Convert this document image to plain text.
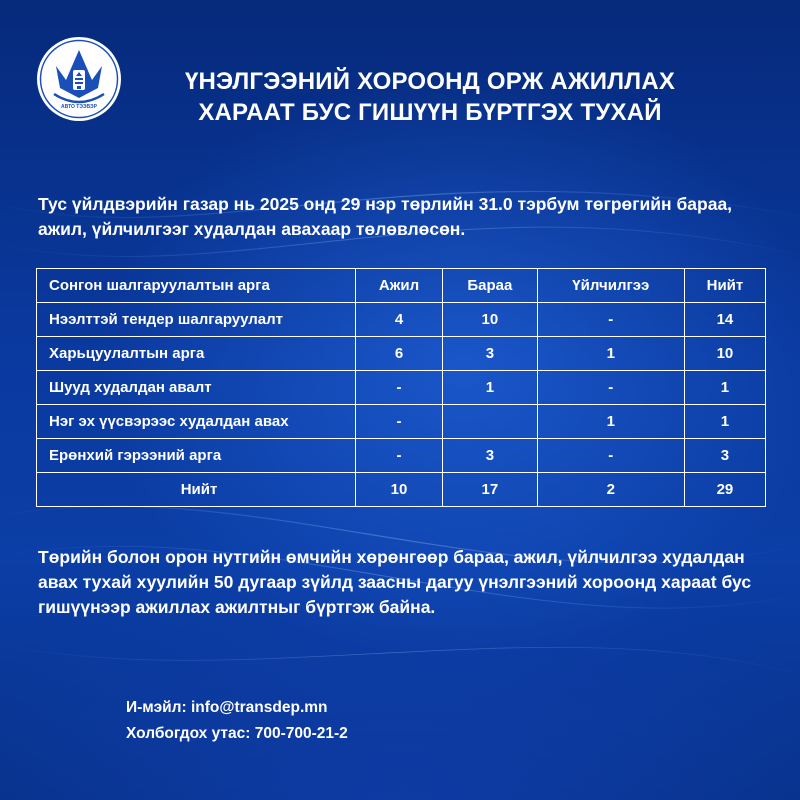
АВТО ТЭЭВЭР
ҮНЭЛГЭЭНИЙ ХОРООНД ОРЖ АЖИЛЛАХ
ХАРААТ БУС ГИШҮҮН БҮРТГЭХ ТУХАЙ
Тус үйлдвэрийн газар нь 2025 онд 29 нэр төрлийн 31.0 тэрбум төгрөгийн бараа, ажил, үйлчилгээг худалдан авахаар төлөвлөсөн.
Сонгон шалгаруулалтын арга	Ажил	Бараа	Үйлчилгээ	Нийт
Нээлттэй тендер шалгаруулалт	4	10	-	14
Харьцуулалтын арга	6	3	1	10
Шууд худалдан авалт	-	1	-	1
Нэг эх үүсвэрээс худалдан авах	-		1	1
Ерөнхий гэрээний арга	-	3	-	3
Нийт	10	17	2	29
Төрийн болон орон нутгийн өмчийн хөрөнгөөр бараа, ажил, үйлчилгээ худалдан авах тухай хуулийн 50 дугаар зүйлд заасны дагуу үнэлгээний хороонд харааt бус гишүүнээр ажиллах ажилтныг бүртгэж байна.
И-мэйл: info@transdep.mn
Холбогдох утас: 700-700-21-2
